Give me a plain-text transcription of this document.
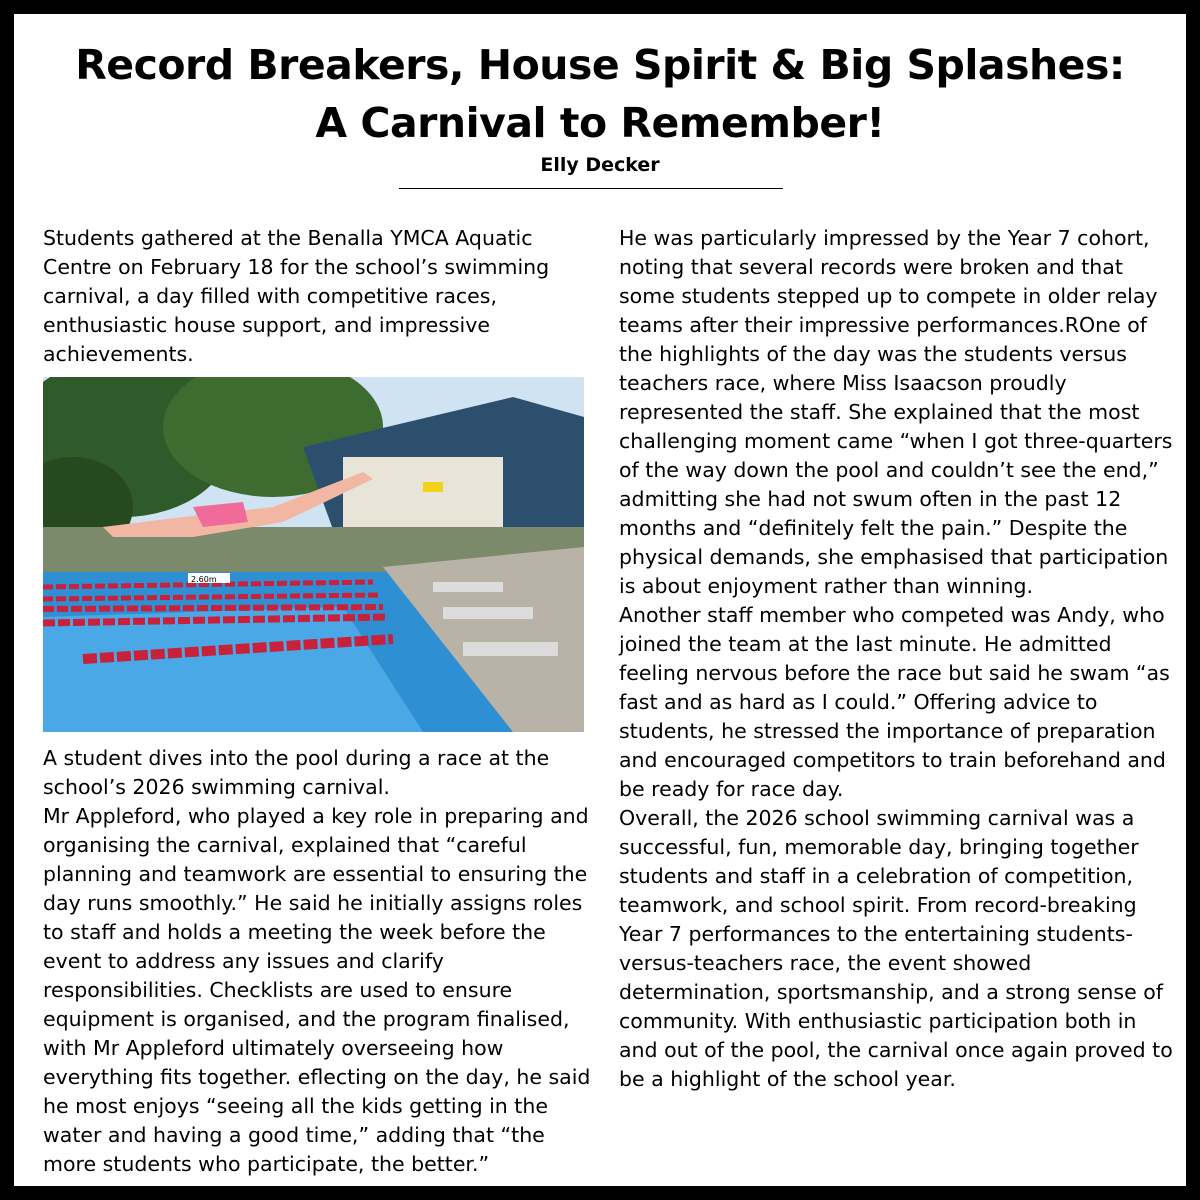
Record Breakers, House Spirit & Big Splashes:
A Carnival to Remember!
Elly Decker

Students gathered at the Benalla YMCA Aquatic Centre on February 18 for the school’s swimming carnival, a day filled with competitive races, enthusiastic house support, and impressive achievements.

2.60m

A student dives into the pool during a race at the school’s 2026 swimming carnival.

Mr Appleford, who played a key role in preparing and organising the carnival, explained that “careful planning and teamwork are essential to ensuring the day runs smoothly.” He said he initially assigns roles to staff and holds a meeting the week before the event to address any issues and clarify responsibilities. Checklists are used to ensure equipment is organised, and the program finalised, with Mr Appleford ultimately overseeing how everything fits together. eflecting on the day, he said he most enjoys “seeing all the kids getting in the water and having a good time,” adding that “the more students who participate, the better.”

He was particularly impressed by the Year 7 cohort, noting that several records were broken and that some students stepped up to compete in older relay teams after their impressive performances.ROne of the highlights of the day was the students versus teachers race, where Miss Isaacson proudly represented the staff. She explained that the most challenging moment came “when I got three-quarters of the way down the pool and couldn’t see the end,” admitting she had not swum often in the past 12 months and “definitely felt the pain.” Despite the physical demands, she emphasised that participation is about enjoyment rather than winning.

Another staff member who competed was Andy, who joined the team at the last minute. He admitted feeling nervous before the race but said he swam “as fast and as hard as I could.” Offering advice to students, he stressed the importance of preparation and encouraged competitors to train beforehand and be ready for race day.

Overall, the 2026 school swimming carnival was a successful, fun, memorable day, bringing together students and staff in a celebration of competition, teamwork, and school spirit. From record-breaking Year 7 performances to the entertaining students-versus-teachers race, the event showed determination, sportsmanship, and a strong sense of community. With enthusiastic participation both in and out of the pool, the carnival once again proved to be a highlight of the school year.
